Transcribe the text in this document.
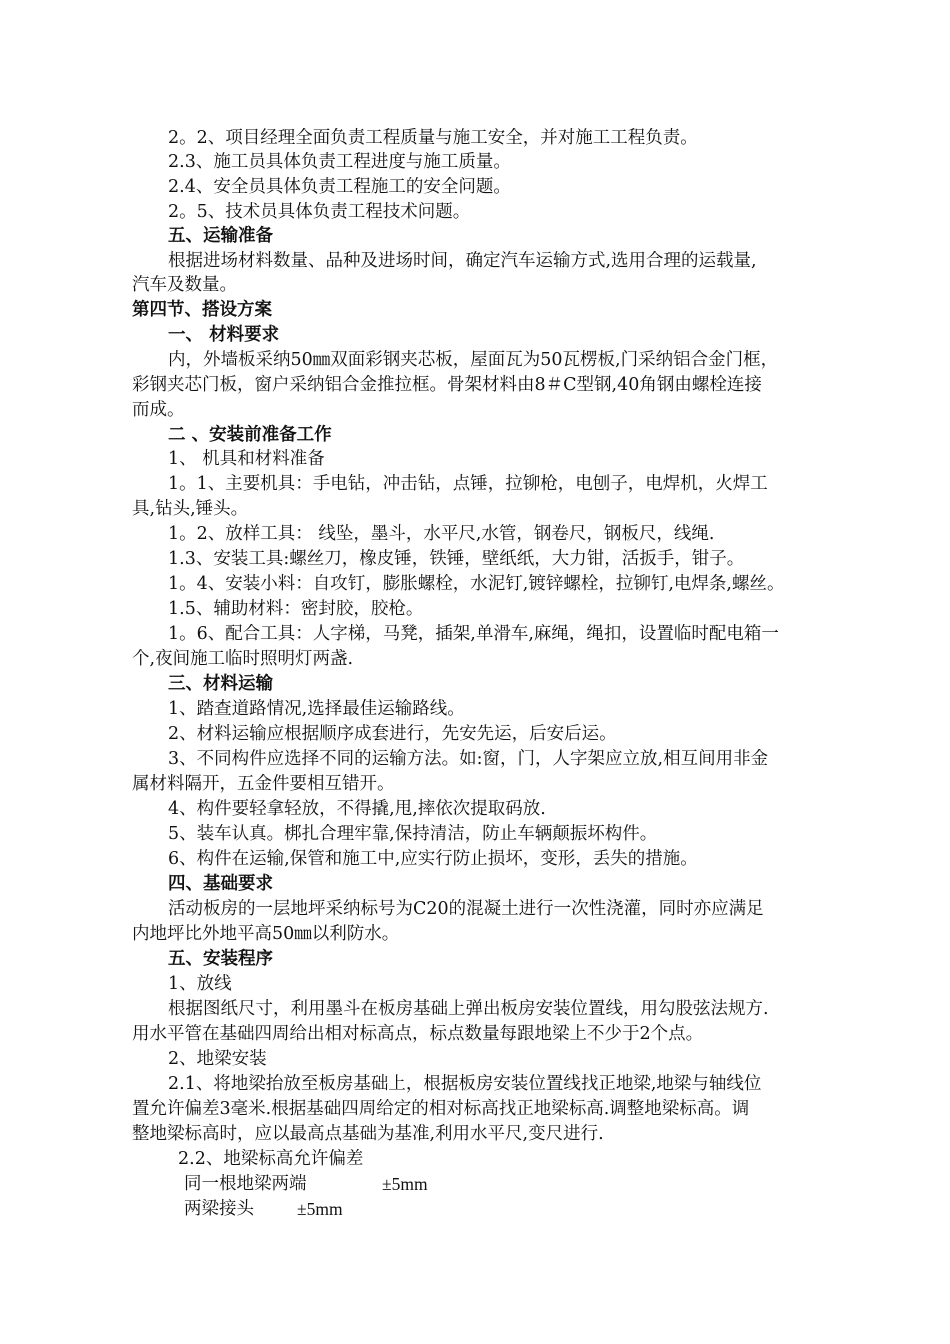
2。2、项目经理全面负责工程质量与施工安全，并对施工工程负责。
2.3、施工员具体负责工程进度与施工质量。
2.4、安全员具体负责工程施工的安全问题。
2。5、技术员具体负责工程技术问题。
五、运输准备
根据进场材料数量、品种及进场时间，确定汽车运输方式,选用合理的运载量,
汽车及数量。
第四节、搭设方案
一、 材料要求
内，外墙板采纳50㎜双面彩钢夹芯板，屋面瓦为50瓦楞板,门采纳铝合金门框，
彩钢夹芯门板，窗户采纳铝合金推拉框。骨架材料由8＃C型钢,40角钢由螺栓连接
而成。
二 、安装前准备工作
1、 机具和材料准备
1。1、主要机具：手电钻，冲击钻，点锤，拉铆枪，电刨子，电焊机，火焊工
具,钻头,锤头。
1。2、放样工具： 线坠，墨斗，水平尺,水管，钢卷尺，钢板尺，线绳.
1.3、安装工具:螺丝刀，橡皮锤，铁锤，壁纸纸，大力钳，活扳手，钳子。
1。4、安装小料：自攻钉，膨胀螺栓，水泥钉,镀锌螺栓，拉铆钉,电焊条,螺丝。
1.5、辅助材料：密封胶，胶枪。
1。6、配合工具：人字梯，马凳，插架,单滑车,麻绳，绳扣，设置临时配电箱一
个,夜间施工临时照明灯两盏.
三、材料运输
1、踏查道路情况,选择最佳运输路线。
2、材料运输应根据顺序成套进行，先安先运，后安后运。
3、不同构件应选择不同的运输方法。如:窗，门，人字架应立放,相互间用非金
属材料隔开，五金件要相互错开。
4、构件要轻拿轻放，不得撬,甩,摔依次提取码放.
5、装车认真。梆扎合理牢靠,保持清洁，防止车辆颠振坏构件。
6、构件在运输,保管和施工中,应实行防止损坏，变形，丢失的措施。
四、基础要求
活动板房的一层地坪采纳标号为C20的混凝土进行一次性浇灌，同时亦应满足
内地坪比外地平高50㎜以利防水。
五、安装程序
1、放线
根据图纸尺寸，利用墨斗在板房基础上弹出板房安装位置线，用勾股弦法规方.
用水平管在基础四周给出相对标高点，标点数量每跟地梁上不少于2个点。
2、地梁安装
2.1、将地梁抬放至板房基础上，根据板房安装位置线找正地梁,地梁与轴线位
置允许偏差3毫米.根据基础四周给定的相对标高找正地梁标高.调整地梁标高。调
整地梁标高时，应以最高点基础为基准,利用水平尺,变尺进行.
2.2、地梁标高允许偏差
同一根地梁两端	±5mm
两梁接头 ±5mm
